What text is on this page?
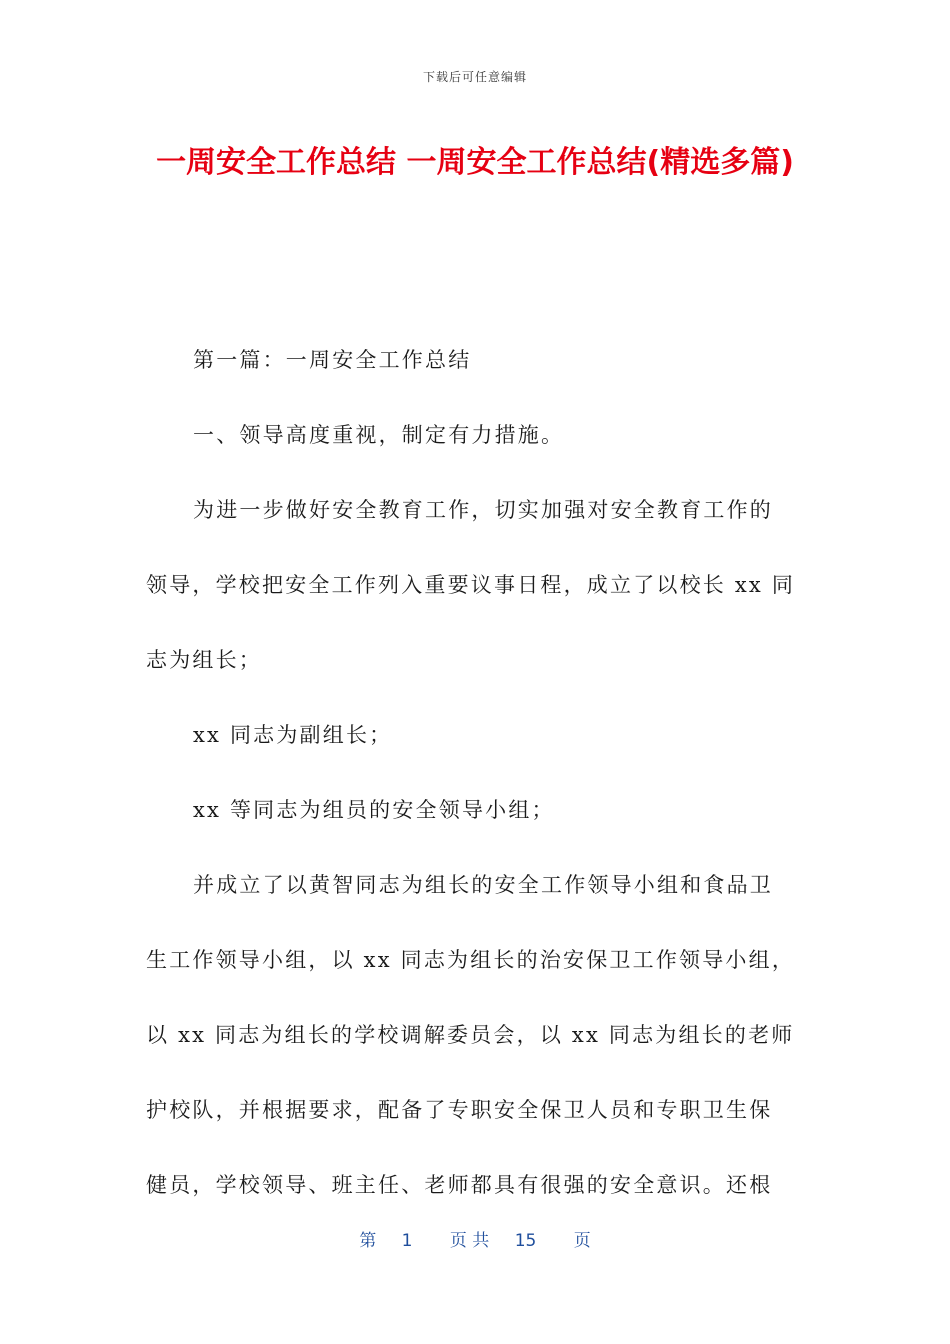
下载后可任意编辑
一周安全工作总结 一周安全工作总结(精选多篇)

第一篇：一周安全工作总结

一、领导高度重视，制定有力措施。

为进一步做好安全教育工作，切实加强对安全教育工作的

领导，学校把安全工作列入重要议事日程，成立了以校长 xx 同

志为组长；

xx 同志为副组长；

xx 等同志为组员的安全领导小组；

并成立了以黄智同志为组长的安全工作领导小组和食品卫

生工作领导小组，以 xx 同志为组长的治安保卫工作领导小组，

以 xx 同志为组长的学校调解委员会，以 xx 同志为组长的老师

护校队，并根据要求，配备了专职安全保卫人员和专职卫生保

健员，学校领导、班主任、老师都具有很强的安全意识。还根

第 1 页 共 15 页
